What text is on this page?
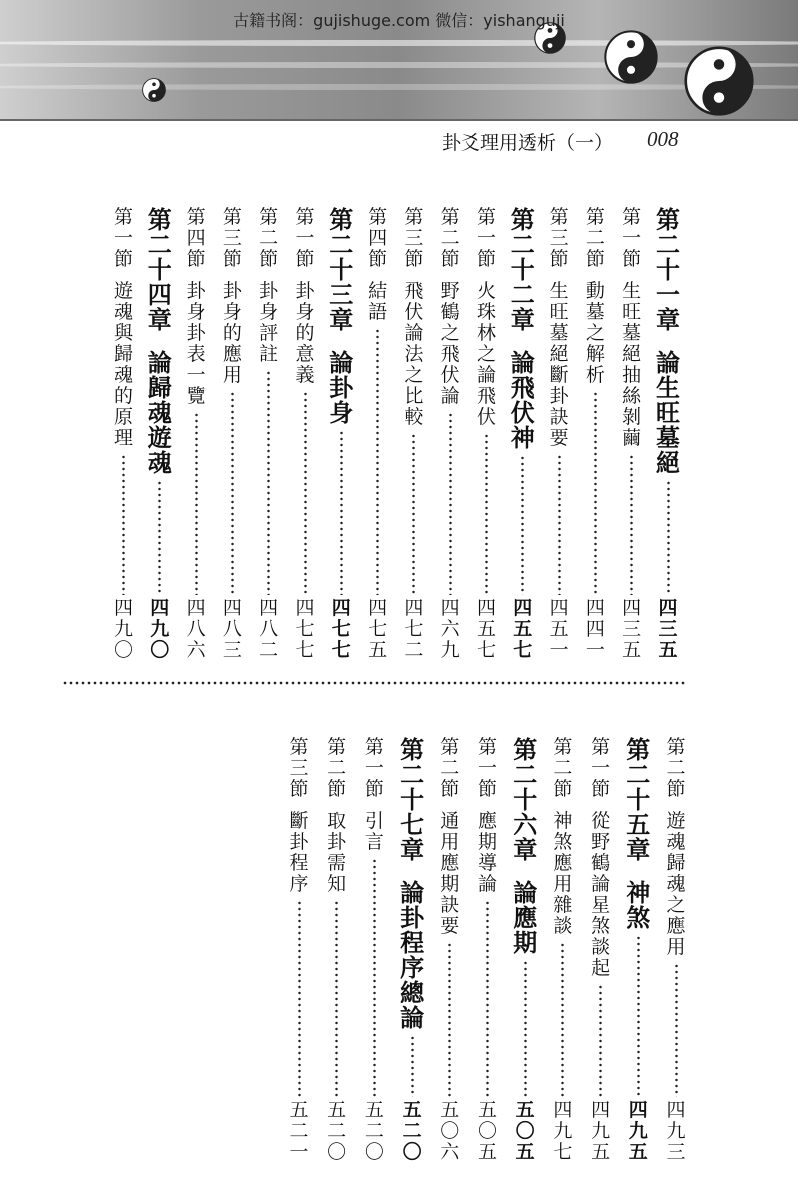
古籍书阁：gujishuge.com 微信：yishanguji
卦爻理用透析（一） 008
第
二
十
一
章

論
生
旺
墓
絕
四
三
五
第
一
節

生
旺
墓
絕
抽
絲
剝
繭
四
三
五
第
二
節

動
墓
之
解
析
四
四
一
第
三
節

生
旺
墓
絕
斷
卦
訣
要
四
五
一
第
二
十
二
章

論
飛
伏
神
四
五
七
第
一
節

火
珠
林
之
論
飛
伏
四
五
七
第
二
節

野
鶴
之
飛
伏
論
四
六
九
第
三
節

飛
伏
論
法
之
比
較
四
七
二
第
四
節

結
語
四
七
五
第
二
十
三
章

論
卦
身
四
七
七
第
一
節

卦
身
的
意
義
四
七
七
第
二
節

卦
身
評
註
四
八
二
第
三
節

卦
身
的
應
用
四
八
三
第
四
節

卦
身
卦
表
一
覽
四
八
六
第
二
十
四
章

論
歸
魂
遊
魂
四
九
〇
第
一
節

遊
魂
與
歸
魂
的
原
理
四
九
〇
第
二
節

遊
魂
歸
魂
之
應
用
四
九
三
第
二
十
五
章

神
煞
四
九
五
第
一
節

從
野
鶴
論
星
煞
談
起
四
九
五
第
二
節

神
煞
應
用
雜
談
四
九
七
第
二
十
六
章

論
應
期
五
〇
五
第
一
節

應
期
導
論
五
〇
五
第
二
節

通
用
應
期
訣
要
五
〇
六
第
二
十
七
章

論
卦
程
序
總
論
五
二
〇
第
一
節

引
言
五
二
〇
第
二
節

取
卦
需
知
五
二
〇
第
三
節

斷
卦
程
序
五
二
一
